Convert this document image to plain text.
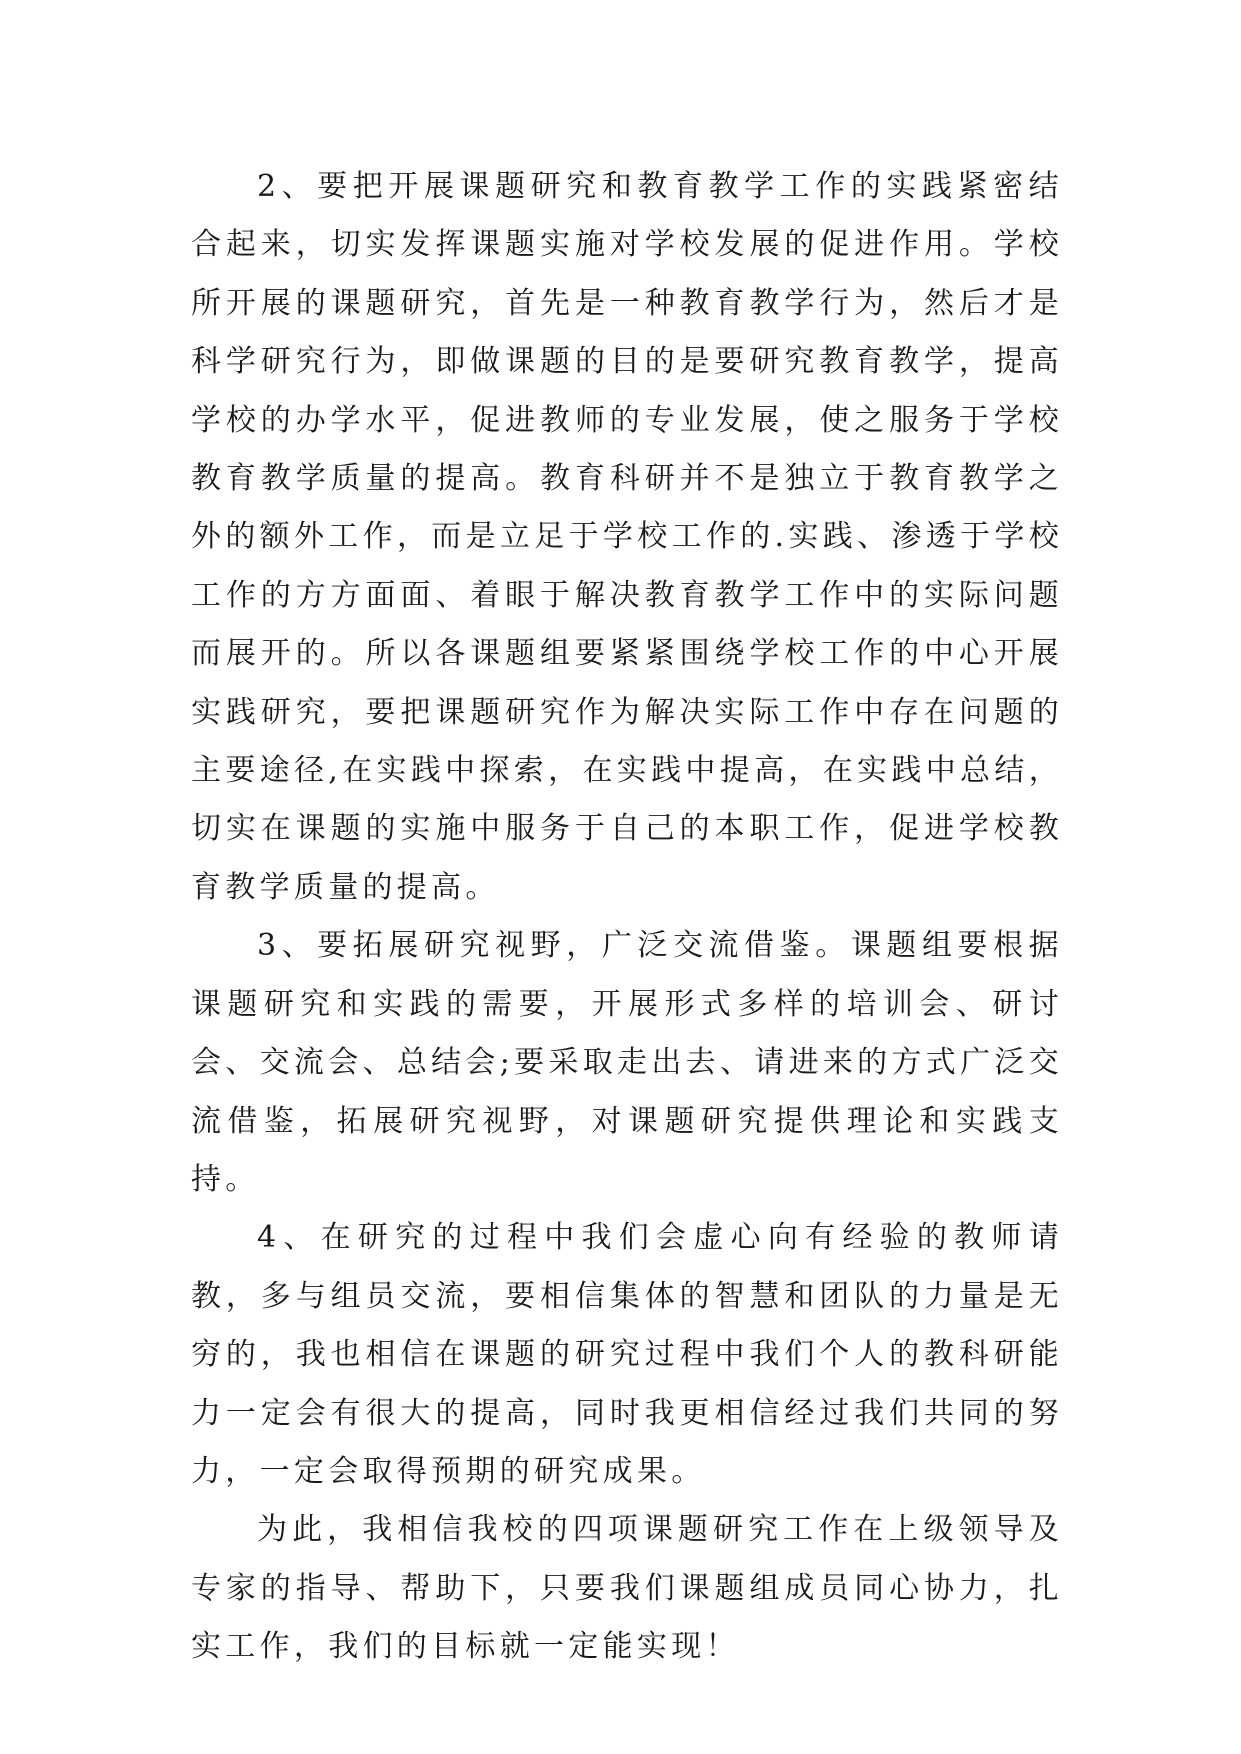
2、要把开展课题研究和教育教学工作的实践紧密结合起来，切实发挥课题实施对学校发展的促进作用。学校所开展的课题研究，首先是一种教育教学行为，然后才是科学研究行为，即做课题的目的是要研究教育教学，提高学校的办学水平，促进教师的专业发展，使之服务于学校教育教学质量的提高。教育科研并不是独立于教育教学之外的额外工作，而是立足于学校工作的.实践、渗透于学校工作的方方面面、着眼于解决教育教学工作中的实际问题而展开的。所以各课题组要紧紧围绕学校工作的中心开展实践研究，要把课题研究作为解决实际工作中存在问题的主要途径,在实践中探索，在实践中提高，在实践中总结，切实在课题的实施中服务于自己的本职工作，促进学校教育教学质量的提高。

3、要拓展研究视野，广泛交流借鉴。课题组要根据课题研究和实践的需要，开展形式多样的培训会、研讨会、交流会、总结会;要采取走出去、请进来的方式广泛交流借鉴，拓展研究视野，对课题研究提供理论和实践支持。

4、在研究的过程中我们会虚心向有经验的教师请教，多与组员交流，要相信集体的智慧和团队的力量是无穷的，我也相信在课题的研究过程中我们个人的教科研能力一定会有很大的提高，同时我更相信经过我们共同的努力，一定会取得预期的研究成果。

为此，我相信我校的四项课题研究工作在上级领导及专家的指导、帮助下，只要我们课题组成员同心协力，扎实工作，我们的目标就一定能实现！
